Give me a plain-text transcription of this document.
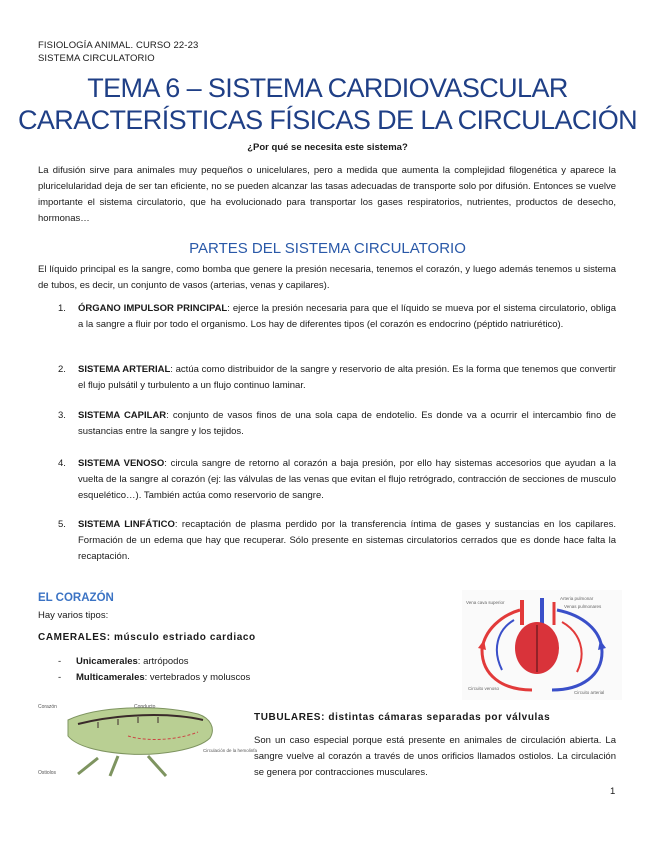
FISIOLOGÍA ANIMAL. CURSO 22-23
SISTEMA CIRCULATORIO
TEMA 6 – SISTEMA CARDIOVASCULAR
CARACTERÍSTICAS FÍSICAS DE LA CIRCULACIÓN
¿Por qué se necesita este sistema?
La difusión sirve para animales muy pequeños o unicelulares, pero a medida que aumenta la complejidad filogenética y aparece la pluricelularidad deja de ser tan eficiente, no se pueden alcanzar las tasas adecuadas de transporte solo por difusión. Entonces se vuelve importante el sistema circulatorio, que ha evolucionado para transportar los gases respiratorios, nutrientes, productos de desecho, hormonas…
PARTES DEL SISTEMA CIRCULATORIO
El líquido principal es la sangre, como bomba que genere la presión necesaria, tenemos el corazón, y luego además tenemos u sistema de tubos, es decir, un conjunto de vasos (arterias, venas y capilares).
1.	ÓRGANO IMPULSOR PRINCIPAL: ejerce la presión necesaria para que el líquido se mueva por el sistema circulatorio, obliga a la sangre a fluir por todo el organismo. Los hay de diferentes tipos (el corazón es endocrino (péptido natriurético).
2.	SISTEMA ARTERIAL: actúa como distribuidor de la sangre y reservorio de alta presión. Es la forma que tenemos que convertir el flujo pulsátil y turbulento a un flujo continuo laminar.
3.	SISTEMA CAPILAR: conjunto de vasos finos de una sola capa de endotelio. Es donde va a ocurrir el intercambio fino de sustancias entre la sangre y los tejidos.
4.	SISTEMA VENOSO: circula sangre de retorno al corazón a baja presión, por ello hay sistemas accesorios que ayudan a la vuelta de la sangre al corazón (ej: las válvulas de las venas que evitan el flujo retrógrado, contracción de secciones de musculo esquelético…). También actúa como reservorio de sangre.
5.	SISTEMA LINFÁTICO: recaptación de plasma perdido por la transferencia íntima de gases y sustancias en los capilares. Formación de un edema que hay que recuperar. Sólo presente en sistemas circulatorios cerrados que es donde hace falta la recaptación.
EL CORAZÓN
Hay varios tipos:
CAMERALES: músculo estriado cardiaco
- Unicamerales: artrópodos
- Multicamerales: vertebrados y moluscos
Vena cava superior
Arteria pulmonar
Venas pulmonares
Circuito venoso
Circuito arterial
Corazón	Conducto
Ostiolos
Circulación de la hemolinfa
TUBULARES: distintas cámaras separadas por válvulas
Son un caso especial porque está presente en animales de circulación abierta. La sangre vuelve al corazón a través de unos orificios llamados ostiolos. La circulación se genera por contracciones musculares.
1
